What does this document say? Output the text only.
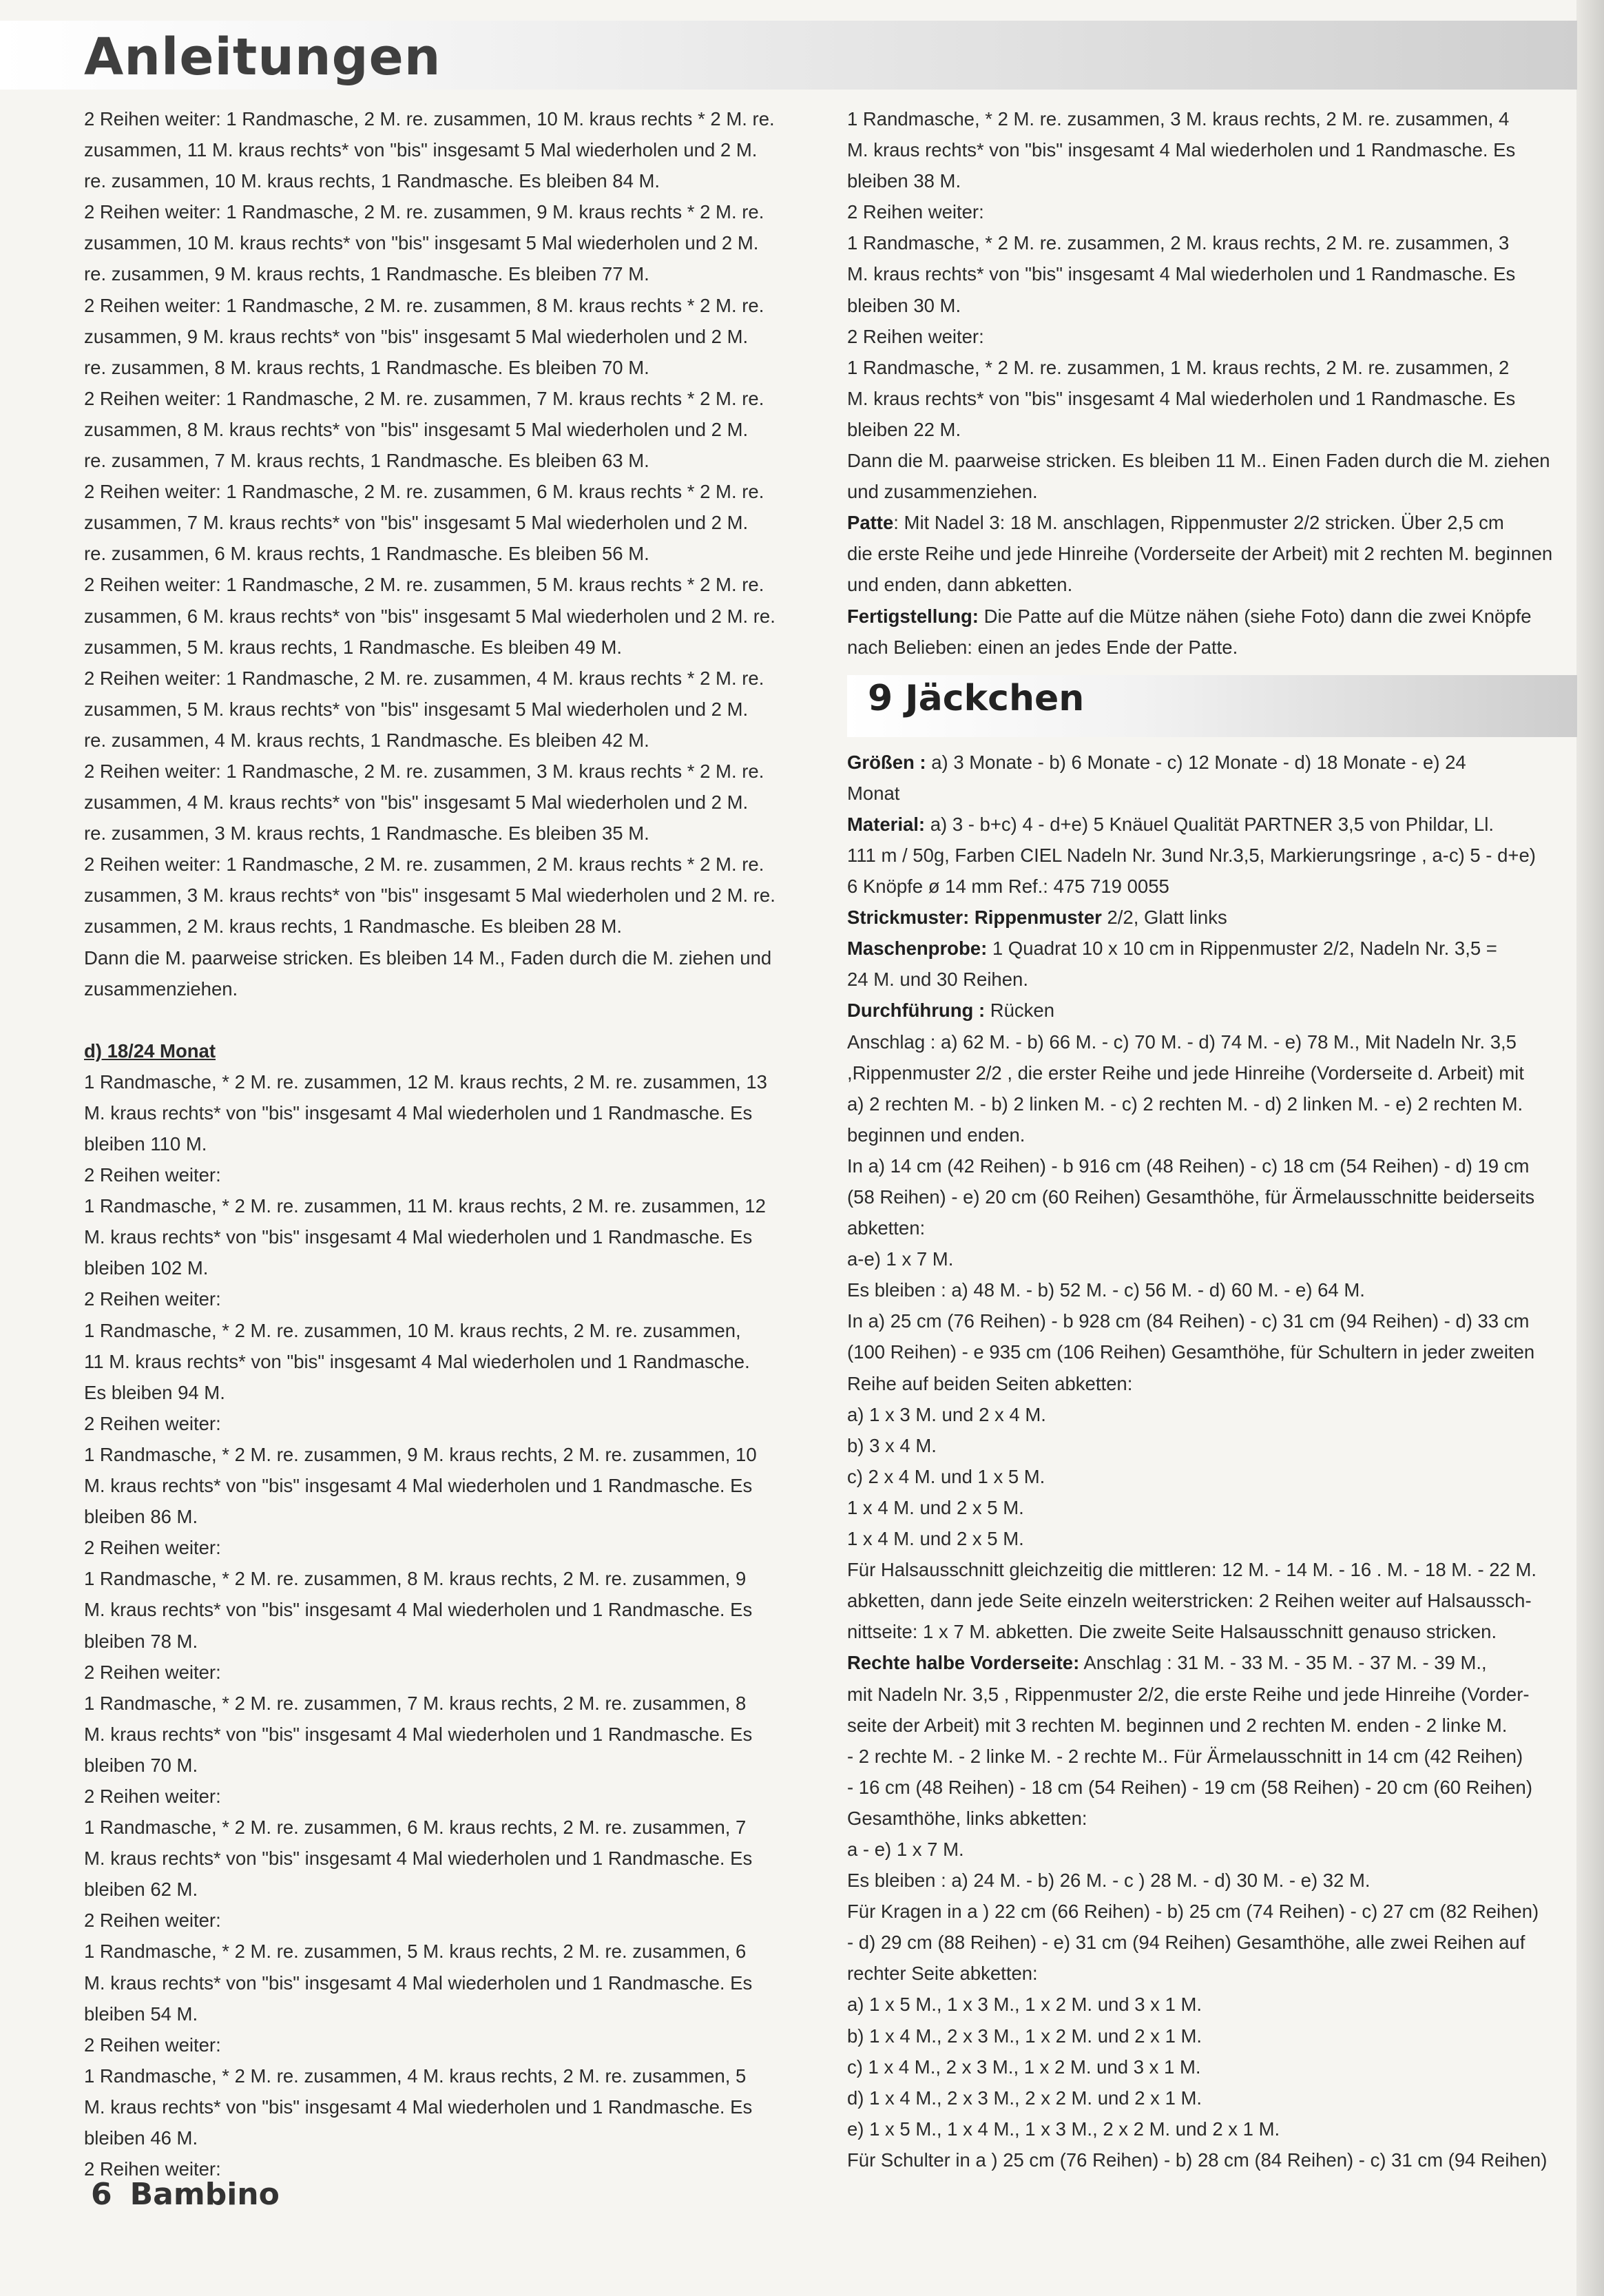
Anleitungen

2 Reihen weiter: 1 Randmasche, 2 M. re. zusammen, 10 M. kraus rechts * 2 M. re.

zusammen, 11 M. kraus rechts* von "bis" insgesamt 5 Mal wiederholen und 2 M.

re. zusammen, 10 M. kraus rechts, 1 Randmasche. Es bleiben 84 M.

2 Reihen weiter: 1 Randmasche, 2 M. re. zusammen, 9 M. kraus rechts * 2 M. re.

zusammen, 10 M. kraus rechts* von "bis" insgesamt 5 Mal wiederholen und 2 M.

re. zusammen, 9 M. kraus rechts, 1 Randmasche. Es bleiben 77 M.

2 Reihen weiter: 1 Randmasche, 2 M. re. zusammen, 8 M. kraus rechts * 2 M. re.

zusammen, 9 M. kraus rechts* von "bis" insgesamt 5 Mal wiederholen und 2 M.

re. zusammen, 8 M. kraus rechts, 1 Randmasche. Es bleiben 70 M.

2 Reihen weiter: 1 Randmasche, 2 M. re. zusammen, 7 M. kraus rechts * 2 M. re.

zusammen, 8 M. kraus rechts* von "bis" insgesamt 5 Mal wiederholen und 2 M.

re. zusammen, 7 M. kraus rechts, 1 Randmasche. Es bleiben 63 M.

2 Reihen weiter: 1 Randmasche, 2 M. re. zusammen, 6 M. kraus rechts * 2 M. re.

zusammen, 7 M. kraus rechts* von "bis" insgesamt 5 Mal wiederholen und 2 M.

re. zusammen, 6 M. kraus rechts, 1 Randmasche. Es bleiben 56 M.

2 Reihen weiter: 1 Randmasche, 2 M. re. zusammen, 5 M. kraus rechts * 2 M. re.

zusammen, 6 M. kraus rechts* von "bis" insgesamt 5 Mal wiederholen und 2 M. re.

zusammen, 5 M. kraus rechts, 1 Randmasche. Es bleiben 49 M.

2 Reihen weiter: 1 Randmasche, 2 M. re. zusammen, 4 M. kraus rechts * 2 M. re.

zusammen, 5 M. kraus rechts* von "bis" insgesamt 5 Mal wiederholen und 2 M.

re. zusammen, 4 M. kraus rechts, 1 Randmasche. Es bleiben 42 M.

2 Reihen weiter: 1 Randmasche, 2 M. re. zusammen, 3 M. kraus rechts * 2 M. re.

zusammen, 4 M. kraus rechts* von "bis" insgesamt 5 Mal wiederholen und 2 M.

re. zusammen, 3 M. kraus rechts, 1 Randmasche. Es bleiben 35 M.

2 Reihen weiter: 1 Randmasche, 2 M. re. zusammen, 2 M. kraus rechts * 2 M. re.

zusammen, 3 M. kraus rechts* von "bis" insgesamt 5 Mal wiederholen und 2 M. re.

zusammen, 2 M. kraus rechts, 1 Randmasche. Es bleiben 28 M.

Dann die M. paarweise stricken. Es bleiben 14 M., Faden durch die M. ziehen und

zusammenziehen.

d) 18/24 Monat

1 Randmasche, * 2 M. re. zusammen, 12 M. kraus rechts, 2 M. re. zusammen, 13

M. kraus rechts* von "bis" insgesamt 4 Mal wiederholen und 1 Randmasche. Es

bleiben 110 M.

2 Reihen weiter:

1 Randmasche, * 2 M. re. zusammen, 11 M. kraus rechts, 2 M. re. zusammen, 12

M. kraus rechts* von "bis" insgesamt 4 Mal wiederholen und 1 Randmasche. Es

bleiben 102 M.

2 Reihen weiter:

1 Randmasche, * 2 M. re. zusammen, 10 M. kraus rechts, 2 M. re. zusammen,

11 M. kraus rechts* von "bis" insgesamt 4 Mal wiederholen und 1 Randmasche.

Es bleiben 94 M.

2 Reihen weiter:

1 Randmasche, * 2 M. re. zusammen, 9 M. kraus rechts, 2 M. re. zusammen, 10

M. kraus rechts* von "bis" insgesamt 4 Mal wiederholen und 1 Randmasche. Es

bleiben 86 M.

2 Reihen weiter:

1 Randmasche, * 2 M. re. zusammen, 8 M. kraus rechts, 2 M. re. zusammen, 9

M. kraus rechts* von "bis" insgesamt 4 Mal wiederholen und 1 Randmasche. Es

bleiben 78 M.

2 Reihen weiter:

1 Randmasche, * 2 M. re. zusammen, 7 M. kraus rechts, 2 M. re. zusammen, 8

M. kraus rechts* von "bis" insgesamt 4 Mal wiederholen und 1 Randmasche. Es

bleiben 70 M.

2 Reihen weiter:

1 Randmasche, * 2 M. re. zusammen, 6 M. kraus rechts, 2 M. re. zusammen, 7

M. kraus rechts* von "bis" insgesamt 4 Mal wiederholen und 1 Randmasche. Es

bleiben 62 M.

2 Reihen weiter:

1 Randmasche, * 2 M. re. zusammen, 5 M. kraus rechts, 2 M. re. zusammen, 6

M. kraus rechts* von "bis" insgesamt 4 Mal wiederholen und 1 Randmasche. Es

bleiben 54 M.

2 Reihen weiter:

1 Randmasche, * 2 M. re. zusammen, 4 M. kraus rechts, 2 M. re. zusammen, 5

M. kraus rechts* von "bis" insgesamt 4 Mal wiederholen und 1 Randmasche. Es

bleiben 46 M.

2 Reihen weiter:

1 Randmasche, * 2 M. re. zusammen, 3 M. kraus rechts, 2 M. re. zusammen, 4

M. kraus rechts* von "bis" insgesamt 4 Mal wiederholen und 1 Randmasche. Es

bleiben 38 M.

2 Reihen weiter:

1 Randmasche, * 2 M. re. zusammen, 2 M. kraus rechts, 2 M. re. zusammen, 3

M. kraus rechts* von "bis" insgesamt 4 Mal wiederholen und 1 Randmasche. Es

bleiben 30 M.

2 Reihen weiter:

1 Randmasche, * 2 M. re. zusammen, 1 M. kraus rechts, 2 M. re. zusammen, 2

M. kraus rechts* von "bis" insgesamt 4 Mal wiederholen und 1 Randmasche. Es

bleiben 22 M.

Dann die M. paarweise stricken. Es bleiben 11 M.. Einen Faden durch die M. ziehen

und zusammenziehen.

Patte: Mit Nadel 3: 18 M. anschlagen, Rippenmuster 2/2 stricken. Über 2,5 cm

die erste Reihe und jede Hinreihe (Vorderseite der Arbeit) mit 2 rechten M. beginnen

und enden, dann abketten.

Fertigstellung: Die Patte auf die Mütze nähen (siehe Foto) dann die zwei Knöpfe

nach Belieben: einen an jedes Ende der Patte.

9 Jäckchen

Größen : a) 3 Monate - b) 6 Monate - c) 12 Monate - d) 18 Monate - e) 24

Monat

Material: a) 3 - b+c) 4 - d+e) 5 Knäuel Qualität PARTNER 3,5 von Phildar, Ll.

111 m / 50g, Farben CIEL Nadeln Nr. 3und Nr.3,5, Markierungsringe , a-c) 5 - d+e)

6 Knöpfe ø 14 mm Ref.: 475 719 0055

Strickmuster: Rippenmuster 2/2, Glatt links

Maschenprobe: 1 Quadrat 10 x 10 cm in Rippenmuster 2/2, Nadeln Nr. 3,5 =

24 M. und 30 Reihen.

Durchführung : Rücken

Anschlag : a) 62 M. - b) 66 M. - c) 70 M. - d) 74 M. - e) 78 M., Mit Nadeln Nr. 3,5

,Rippenmuster 2/2 , die erster Reihe und jede Hinreihe (Vorderseite d. Arbeit) mit

a) 2 rechten M. - b) 2 linken M. - c) 2 rechten M. - d) 2 linken M. - e) 2 rechten M.

beginnen und enden.

In a) 14 cm (42 Reihen) - b 916 cm (48 Reihen) - c) 18 cm (54 Reihen) - d) 19 cm

(58 Reihen) - e) 20 cm (60 Reihen) Gesamthöhe, für Ärmelausschnitte beiderseits

abketten:

a-e) 1 x 7 M.

Es bleiben : a) 48 M. - b) 52 M. - c) 56 M. - d) 60 M. - e) 64 M.

In a) 25 cm (76 Reihen) - b 928 cm (84 Reihen) - c) 31 cm (94 Reihen) - d) 33 cm

(100 Reihen) - e 935 cm (106 Reihen) Gesamthöhe, für Schultern in jeder zweiten

Reihe auf beiden Seiten abketten:

a) 1 x 3 M. und 2 x 4 M.

b) 3 x 4 M.

c) 2 x 4 M. und 1 x 5 M.

1 x 4 M. und 2 x 5 M.

1 x 4 M. und 2 x 5 M.

Für Halsausschnitt gleichzeitig die mittleren: 12 M. - 14 M. - 16 . M. - 18 M. - 22 M.

abketten, dann jede Seite einzeln weiterstricken: 2 Reihen weiter auf Halsaussch-

nittseite: 1 x 7 M. abketten. Die zweite Seite Halsausschnitt genauso stricken.

Rechte halbe Vorderseite: Anschlag : 31 M. - 33 M. - 35 M. - 37 M. - 39 M.,

mit Nadeln Nr. 3,5 , Rippenmuster 2/2, die erste Reihe und jede Hinreihe (Vorder-

seite der Arbeit) mit 3 rechten M. beginnen und 2 rechten M. enden - 2 linke M.

- 2 rechte M. - 2 linke M. - 2 rechte M.. Für Ärmelausschnitt in 14 cm (42 Reihen)

- 16 cm (48 Reihen) - 18 cm (54 Reihen) - 19 cm (58 Reihen) - 20 cm (60 Reihen)

Gesamthöhe, links abketten:

a - e) 1 x 7 M.

Es bleiben : a) 24 M. - b) 26 M. - c ) 28 M. - d) 30 M. - e) 32 M.

Für Kragen in a ) 22 cm (66 Reihen) - b) 25 cm (74 Reihen) - c) 27 cm (82 Reihen)

- d) 29 cm (88 Reihen) - e) 31 cm (94 Reihen) Gesamthöhe, alle zwei Reihen auf

rechter Seite abketten:

a) 1 x 5 M., 1 x 3 M., 1 x 2 M. und 3 x 1 M.

b) 1 x 4 M., 2 x 3 M., 1 x 2 M. und 2 x 1 M.

c) 1 x 4 M., 2 x 3 M., 1 x 2 M. und 3 x 1 M.

d) 1 x 4 M., 2 x 3 M., 2 x 2 M. und 2 x 1 M.

e) 1 x 5 M., 1 x 4 M., 1 x 3 M., 2 x 2 M. und 2 x 1 M.

Für Schulter in a ) 25 cm (76 Reihen) - b) 28 cm (84 Reihen) - c) 31 cm (94 Reihen)

6 Bambino
